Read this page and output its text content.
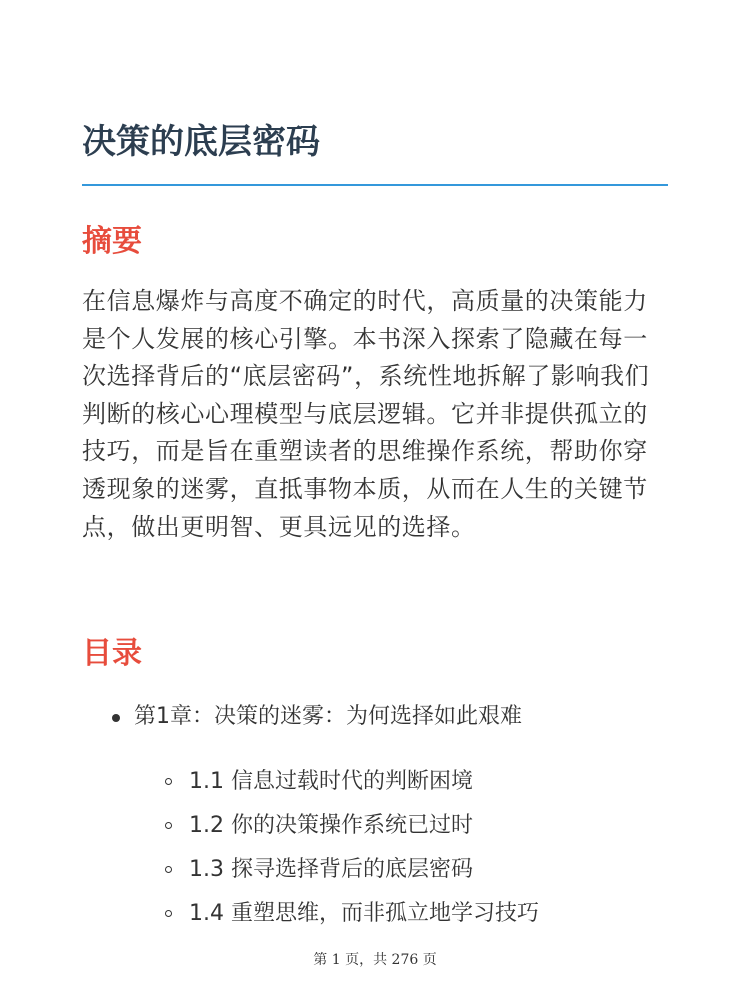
决策的底层密码
摘要

在信息爆炸与高度不确定的时代，高质量的决策能力是个人发展的核心引擎。本书深入探索了隐藏在每一次选择背后的“底层密码”，系统性地拆解了影响我们判断的核心心理模型与底层逻辑。它并非提供孤立的技巧，而是旨在重塑读者的思维操作系统，帮助你穿透现象的迷雾，直抵事物本质，从而在人生的关键节点，做出更明智、更具远见的选择。

目录
第1章：决策的迷雾：为何选择如此艰难
1.1 信息过载时代的判断困境
1.2 你的决策操作系统已过时
1.3 探寻选择背后的底层密码
1.4 重塑思维，而非孤立地学习技巧
第 1 页，共 276 页
